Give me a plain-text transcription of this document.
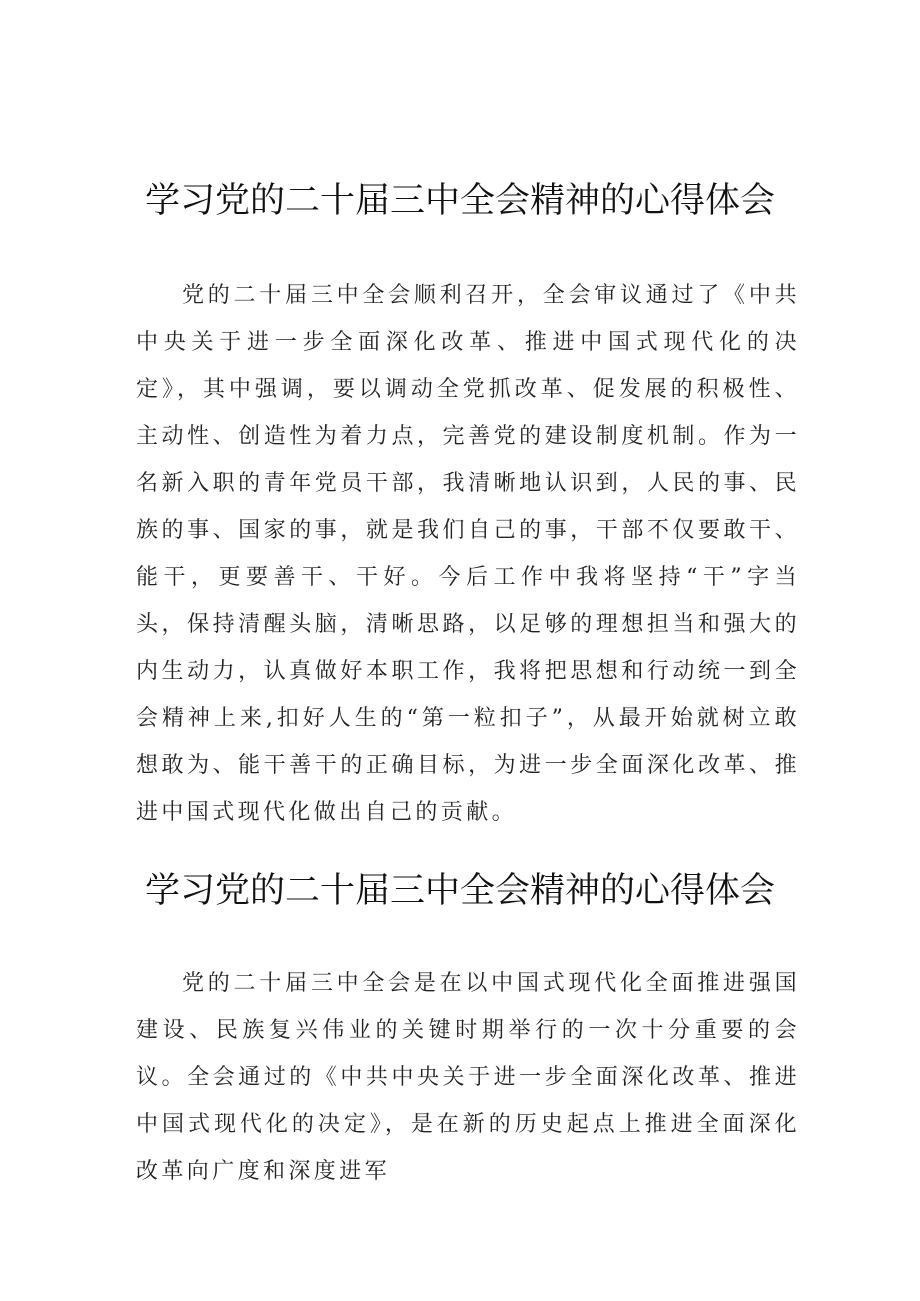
学习党的二十届三中全会精神的心得体会

党的二十届三中全会顺利召开，全会审议通过了《中共中央关于进一步全面深化改革、推进中国式现代化的决定》，其中强调，要以调动全党抓改革、促发展的积极性、主动性、创造性为着力点，完善党的建设制度机制。作为一名新入职的青年党员干部，我清晰地认识到，人民的事、民族的事、国家的事，就是我们自己的事，干部不仅要敢干、能干，更要善干、干好。今后工作中我将坚持“干”字当头，保持清醒头脑，清晰思路，以足够的理想担当和强大的内生动力，认真做好本职工作，我将把思想和行动统一到全会精神上来,扣好人生的“第一粒扣子”，从最开始就树立敢想敢为、能干善干的正确目标，为进一步全面深化改革、推进中国式现代化做出自己的贡献。

学习党的二十届三中全会精神的心得体会

党的二十届三中全会是在以中国式现代化全面推进强国建设、民族复兴伟业的关键时期举行的一次十分重要的会议。全会通过的《中共中央关于进一步全面深化改革、推进中国式现代化的决定》，是在新的历史起点上推进全面深化改革向广度和深度进军
